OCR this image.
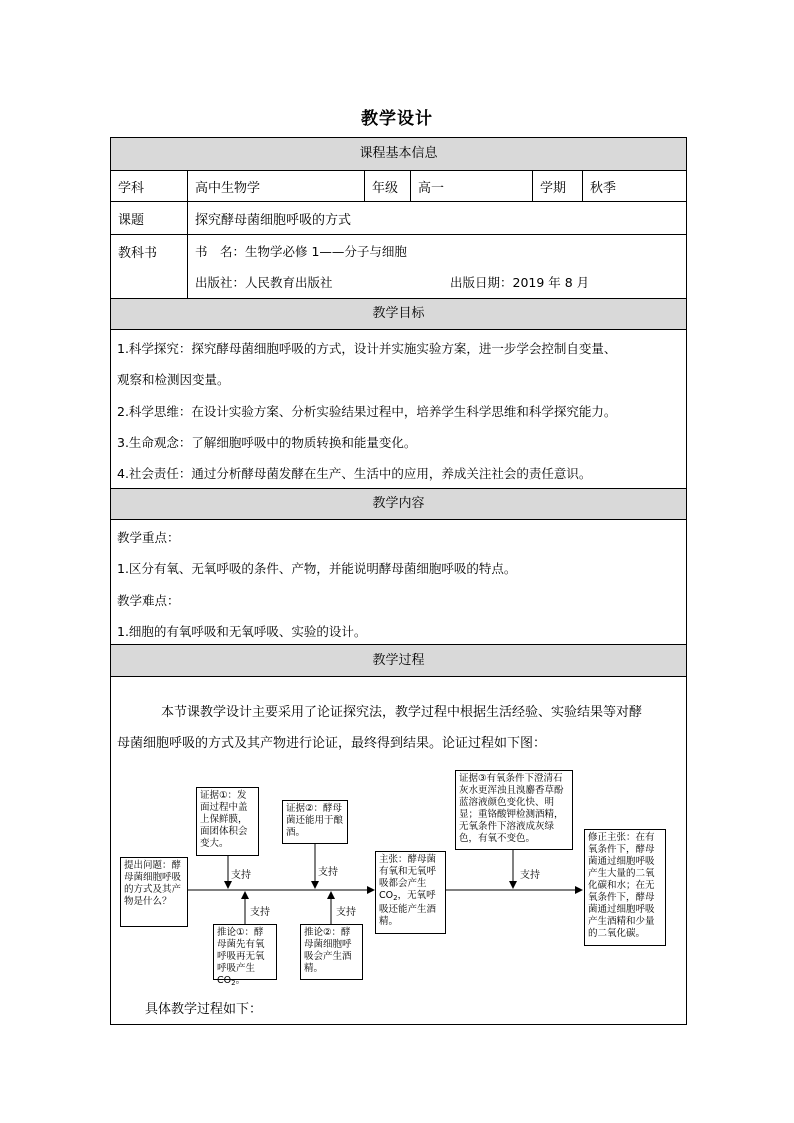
教学设计
课程基本信息
学科	高中生物学	年级	高一	学期	秋季
课题	探究酵母菌细胞呼吸的方式
教科书	书　名：生物学必修 1——分子与细胞
出版社：人民教育出版社	出版日期：2019 年 8 月
教学目标
1.科学探究：探究酵母菌细胞呼吸的方式，设计并实施实验方案，进一步学会控制自变量、
观察和检测因变量。
2.科学思维：在设计实验方案、分析实验结果过程中，培养学生科学思维和科学探究能力。
3.生命观念：了解细胞呼吸中的物质转换和能量变化。
4.社会责任：通过分析酵母菌发酵在生产、生活中的应用，养成关注社会的责任意识。
教学内容
教学重点：
1.区分有氧、无氧呼吸的条件、产物，并能说明酵母菌细胞呼吸的特点。
教学难点：
1.细胞的有氧呼吸和无氧呼吸、实验的设计。
教学过程
本节课教学设计主要采用了论证探究法，教学过程中根据生活经验、实验结果等对酵
母菌细胞呼吸的方式及其产物进行论证，最终得到结果。论证过程如下图：
具体教学过程如下：
提出问题：酵母菌细胞呼吸的方式及其产物是什么？
证据①：发面过程中盖上保鲜膜，面团体积会变大。
证据②：酵母菌还能用于酿酒。
推论①：酵母菌先有氧呼吸再无氧呼吸产生$CO_2$。
推论②：酵母菌细胞呼吸会产生酒精。
主张：酵母菌有氧和无氧呼吸都会产生$CO_2$，无氧呼吸还能产生酒精。
证据③有氧条件下澄清石灰水更浑浊且溴麝香草酚蓝溶液颜色变化快、明显；重铬酸钾检测酒精，无氧条件下溶液成灰绿色，有氧不变色。	修正主张：在有氧条件下，酵母菌通过细胞呼吸产生大量的二氧化碳和水；在无氧条件下，酵母菌通过细胞呼吸产生酒精和少量的二氧化碳。
支持	支持
支持	支持
支持
